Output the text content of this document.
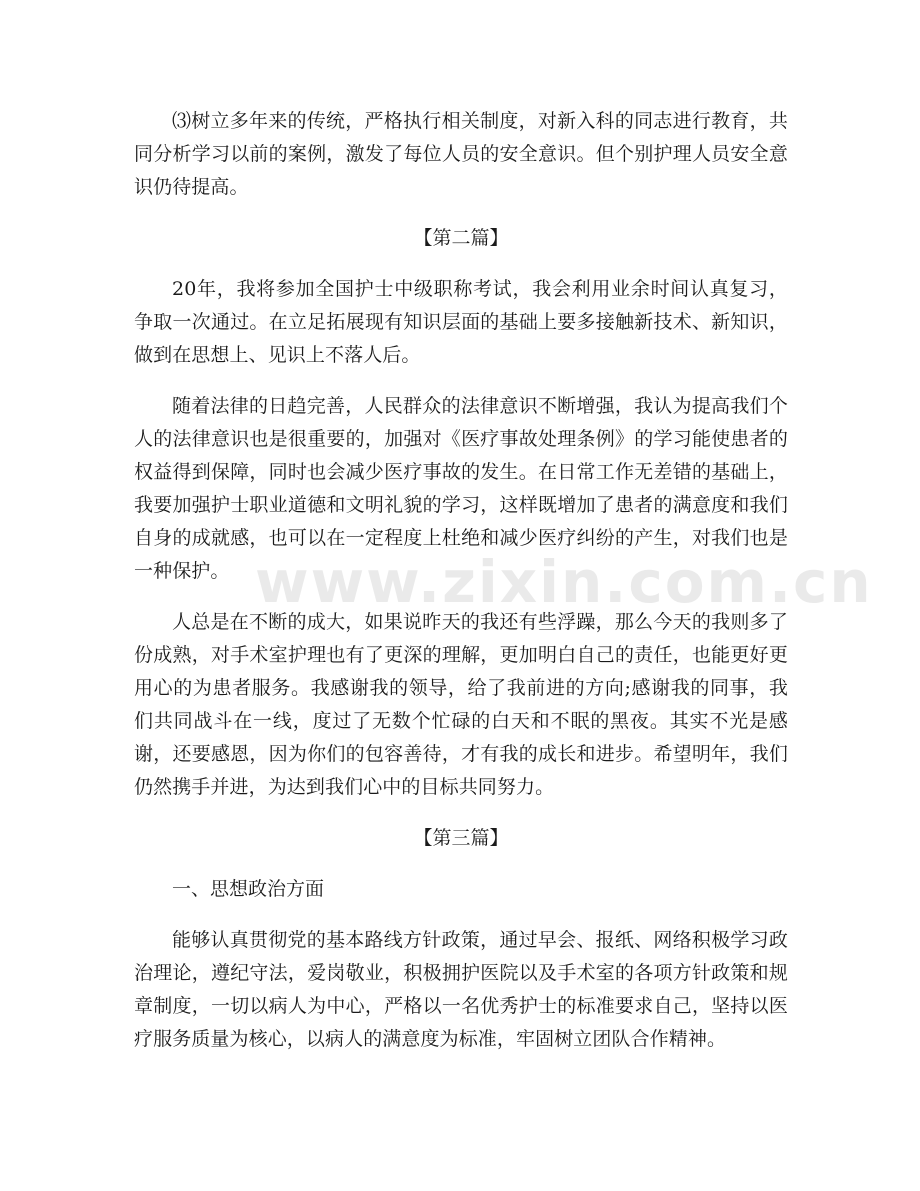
⑶树立多年来的传统，严格执行相关制度，对新入科的同志进行教育，共同分析学习以前的案例，激发了每位人员的安全意识。但个别护理人员安全意识仍待提高。

【第二篇】

20年，我将参加全国护士中级职称考试，我会利用业余时间认真复习，争取一次通过。在立足拓展现有知识层面的基础上要多接触新技术、新知识，做到在思想上、见识上不落人后。

随着法律的日趋完善，人民群众的法律意识不断增强，我认为提高我们个人的法律意识也是很重要的，加强对《医疗事故处理条例》的学习能使患者的权益得到保障，同时也会减少医疗事故的发生。在日常工作无差错的基础上，我要加强护士职业道德和文明礼貌的学习，这样既增加了患者的满意度和我们自身的成就感，也可以在一定程度上杜绝和减少医疗纠纷的产生，对我们也是一种保护。

人总是在不断的成大，如果说昨天的我还有些浮躁，那么今天的我则多了份成熟，对手术室护理也有了更深的理解，更加明白自己的责任，也能更好更用心的为患者服务。我感谢我的领导，给了我前进的方向;感谢我的同事，我们共同战斗在一线，度过了无数个忙碌的白天和不眠的黑夜。其实不光是感谢，还要感恩，因为你们的包容善待，才有我的成长和进步。希望明年，我们仍然携手并进，为达到我们心中的目标共同努力。

【第三篇】

一、思想政治方面

能够认真贯彻党的基本路线方针政策，通过早会、报纸、网络积极学习政治理论，遵纪守法，爱岗敬业，积极拥护医院以及手术室的各项方针政策和规章制度，一切以病人为中心，严格以一名优秀护士的标准要求自己，坚持以医疗服务质量为核心，以病人的满意度为标准，牢固树立团队合作精神。

www.zixin.com.cn
